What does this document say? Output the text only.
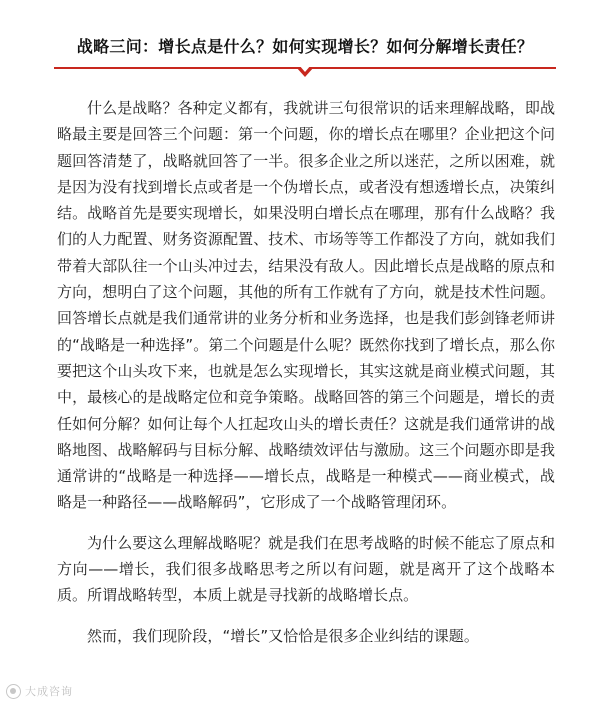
战略三问：增长点是什么？如何实现增长？如何分解增长责任？

什么是战略？各种定义都有，我就讲三句很常识的话来理解战略，即战略最主要是回答三个问题：第一个问题，你的增长点在哪里？企业把这个问题回答清楚了，战略就回答了一半。很多企业之所以迷茫，之所以困难，就是因为没有找到增长点或者是一个伪增长点，或者没有想透增长点，决策纠结。战略首先是要实现增长，如果没明白增长点在哪理，那有什么战略？我们的人力配置、财务资源配置、技术、市场等等工作都没了方向，就如我们带着大部队往一个山头冲过去，结果没有敌人。因此增长点是战略的原点和方向，想明白了这个问题，其他的所有工作就有了方向，就是技术性问题。回答增长点就是我们通常讲的业务分析和业务选择，也是我们彭剑锋老师讲的“战略是一种选择”。第二个问题是什么呢？既然你找到了增长点，那么你要把这个山头攻下来，也就是怎么实现增长，其实这就是商业模式问题，其中，最核心的是战略定位和竞争策略。战略回答的第三个问题是，增长的责任如何分解？如何让每个人扛起攻山头的增长责任？这就是我们通常讲的战略地图、战略解码与目标分解、战略绩效评估与激励。这三个问题亦即是我通常讲的“战略是一种选择——增长点，战略是一种模式——商业模式，战略是一种路径——战略解码”，它形成了一个战略管理闭环。

为什么要这么理解战略呢？就是我们在思考战略的时候不能忘了原点和方向——增长，我们很多战略思考之所以有问题，就是离开了这个战略本质。所谓战略转型，本质上就是寻找新的战略增长点。

然而，我们现阶段，“增长”又恰恰是很多企业纠结的课题。

大成咨询
